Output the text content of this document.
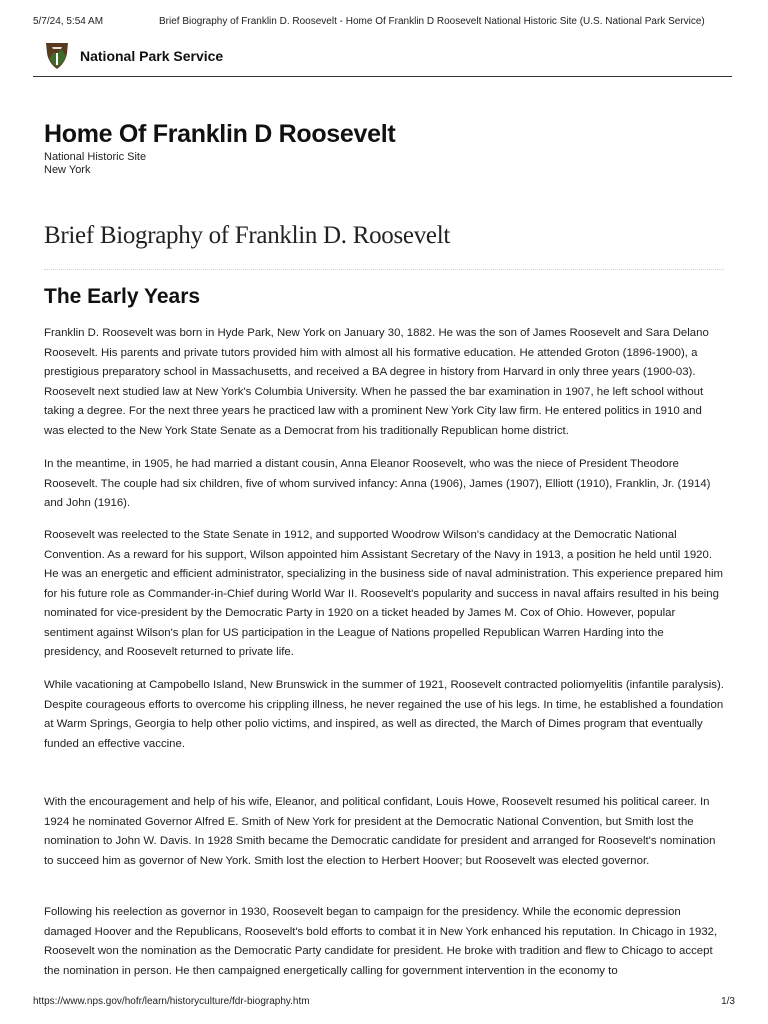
5/7/24, 5:54 AM	Brief Biography of Franklin D. Roosevelt - Home Of Franklin D Roosevelt National Historic Site (U.S. National Park Service)
National Park Service
Home Of Franklin D Roosevelt
National Historic Site
New York
Brief Biography of Franklin D. Roosevelt
The Early Years

Franklin D. Roosevelt was born in Hyde Park, New York on January 30, 1882. He was the son of James Roosevelt and Sara Delano Roosevelt. His parents and private tutors provided him with almost all his formative education. He attended Groton (1896-1900), a prestigious preparatory school in Massachusetts, and received a BA degree in history from Harvard in only three years (1900-03). Roosevelt next studied law at New York's Columbia University. When he passed the bar examination in 1907, he left school without taking a degree. For the next three years he practiced law with a prominent New York City law firm. He entered politics in 1910 and was elected to the New York State Senate as a Democrat from his traditionally Republican home district.

In the meantime, in 1905, he had married a distant cousin, Anna Eleanor Roosevelt, who was the niece of President Theodore Roosevelt. The couple had six children, five of whom survived infancy: Anna (1906), James (1907), Elliott (1910), Franklin, Jr. (1914) and John (1916).

Roosevelt was reelected to the State Senate in 1912, and supported Woodrow Wilson's candidacy at the Democratic National Convention. As a reward for his support, Wilson appointed him Assistant Secretary of the Navy in 1913, a position he held until 1920. He was an energetic and efficient administrator, specializing in the business side of naval administration. This experience prepared him for his future role as Commander-in-Chief during World War II. Roosevelt's popularity and success in naval affairs resulted in his being nominated for vice-president by the Democratic Party in 1920 on a ticket headed by James M. Cox of Ohio. However, popular sentiment against Wilson's plan for US participation in the League of Nations propelled Republican Warren Harding into the presidency, and Roosevelt returned to private life.

While vacationing at Campobello Island, New Brunswick in the summer of 1921, Roosevelt contracted poliomyelitis (infantile paralysis). Despite courageous efforts to overcome his crippling illness, he never regained the use of his legs. In time, he established a foundation at Warm Springs, Georgia to help other polio victims, and inspired, as well as directed, the March of Dimes program that eventually funded an effective vaccine.

With the encouragement and help of his wife, Eleanor, and political confidant, Louis Howe, Roosevelt resumed his political career. In 1924 he nominated Governor Alfred E. Smith of New York for president at the Democratic National Convention, but Smith lost the nomination to John W. Davis. In 1928 Smith became the Democratic candidate for president and arranged for Roosevelt's nomination to succeed him as governor of New York. Smith lost the election to Herbert Hoover; but Roosevelt was elected governor.

Following his reelection as governor in 1930, Roosevelt began to campaign for the presidency. While the economic depression damaged Hoover and the Republicans, Roosevelt's bold efforts to combat it in New York enhanced his reputation. In Chicago in 1932, Roosevelt won the nomination as the Democratic Party candidate for president. He broke with tradition and flew to Chicago to accept the nomination in person. He then campaigned energetically calling for government intervention in the economy to

https://www.nps.gov/hofr/learn/historyculture/fdr-biography.htm	1/3
